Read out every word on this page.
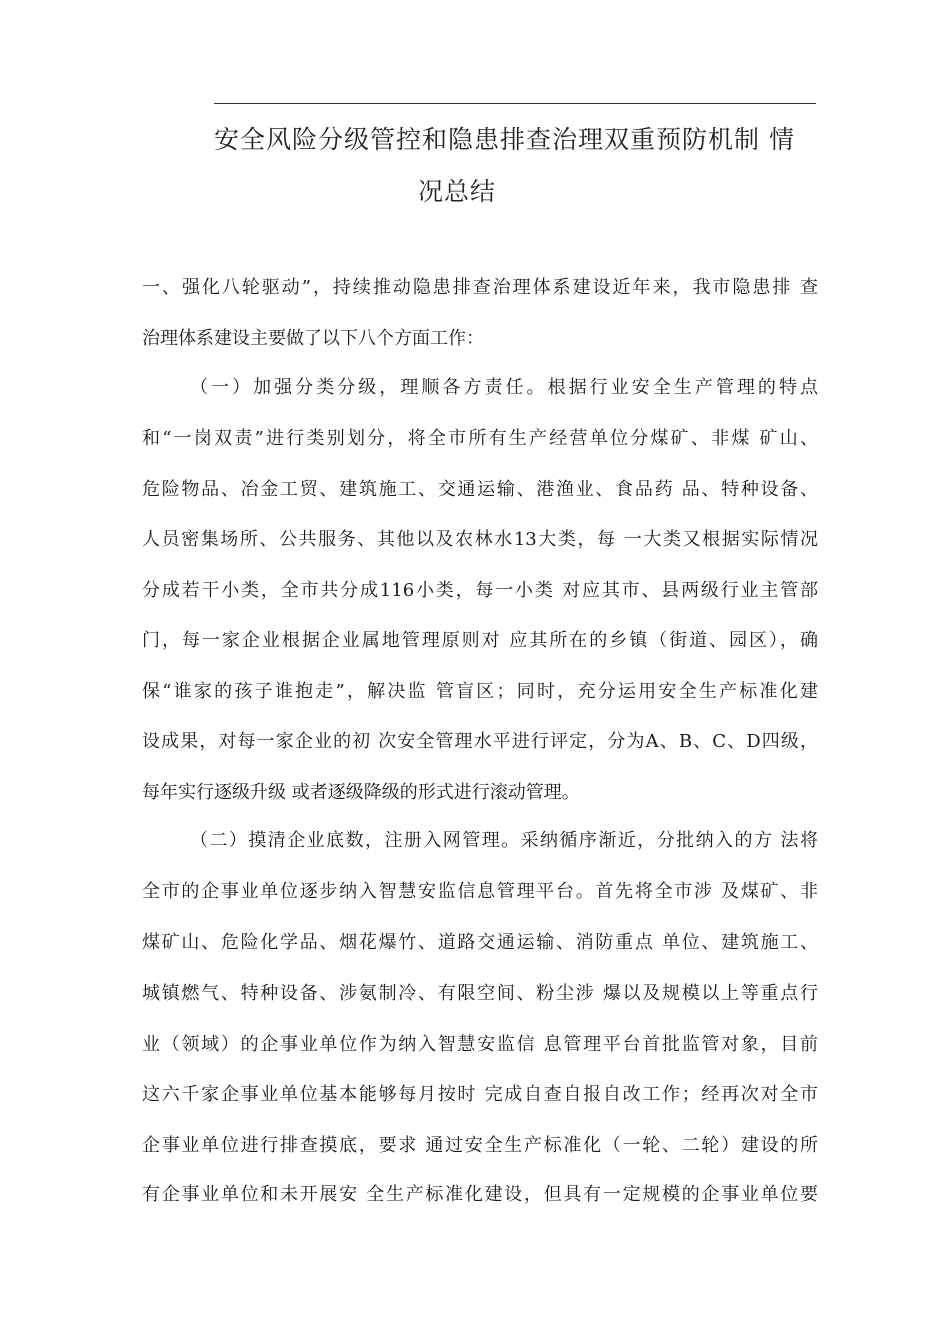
安全风险分级管控和隐患排查治理双重预防机制 情
况总结
一、强化八轮驱动”，持续推动隐患排查治理体系建设近年来，我市隐患排 查
治理体系建设主要做了以下八个方面工作：
（一）加强分类分级，理顺各方责任。根据行业安全生产管理的特点
和“一岗双责”进行类别划分，将全市所有生产经营单位分煤矿、非煤 矿山、
危险物品、冶金工贸、建筑施工、交通运输、港渔业、食品药 品、特种设备、
人员密集场所、公共服务、其他以及农林水13大类，每 一大类又根据实际情况
分成若干小类，全市共分成116小类，每一小类 对应其市、县两级行业主管部
门，每一家企业根据企业属地管理原则对 应其所在的乡镇（街道、园区），确
保“谁家的孩子谁抱走”，解决监 管盲区；同时，充分运用安全生产标准化建
设成果，对每一家企业的初 次安全管理水平进行评定，分为A、B、C、D四级，
每年实行逐级升级 或者逐级降级的形式进行滚动管理。
（二）摸清企业底数，注册入网管理。采纳循序渐近，分批纳入的方 法将
全市的企事业单位逐步纳入智慧安监信息管理平台。首先将全市涉 及煤矿、非
煤矿山、危险化学品、烟花爆竹、道路交通运输、消防重点 单位、建筑施工、
城镇燃气、特种设备、涉氨制冷、有限空间、粉尘涉 爆以及规模以上等重点行
业（领域）的企事业单位作为纳入智慧安监信 息管理平台首批监管对象，目前
这六千家企事业单位基本能够每月按时 完成自查自报自改工作；经再次对全市
企事业单位进行排查摸底，要求 通过安全生产标准化（一轮、二轮）建设的所
有企事业单位和未开展安 全生产标准化建设，但具有一定规模的企事业单位要
